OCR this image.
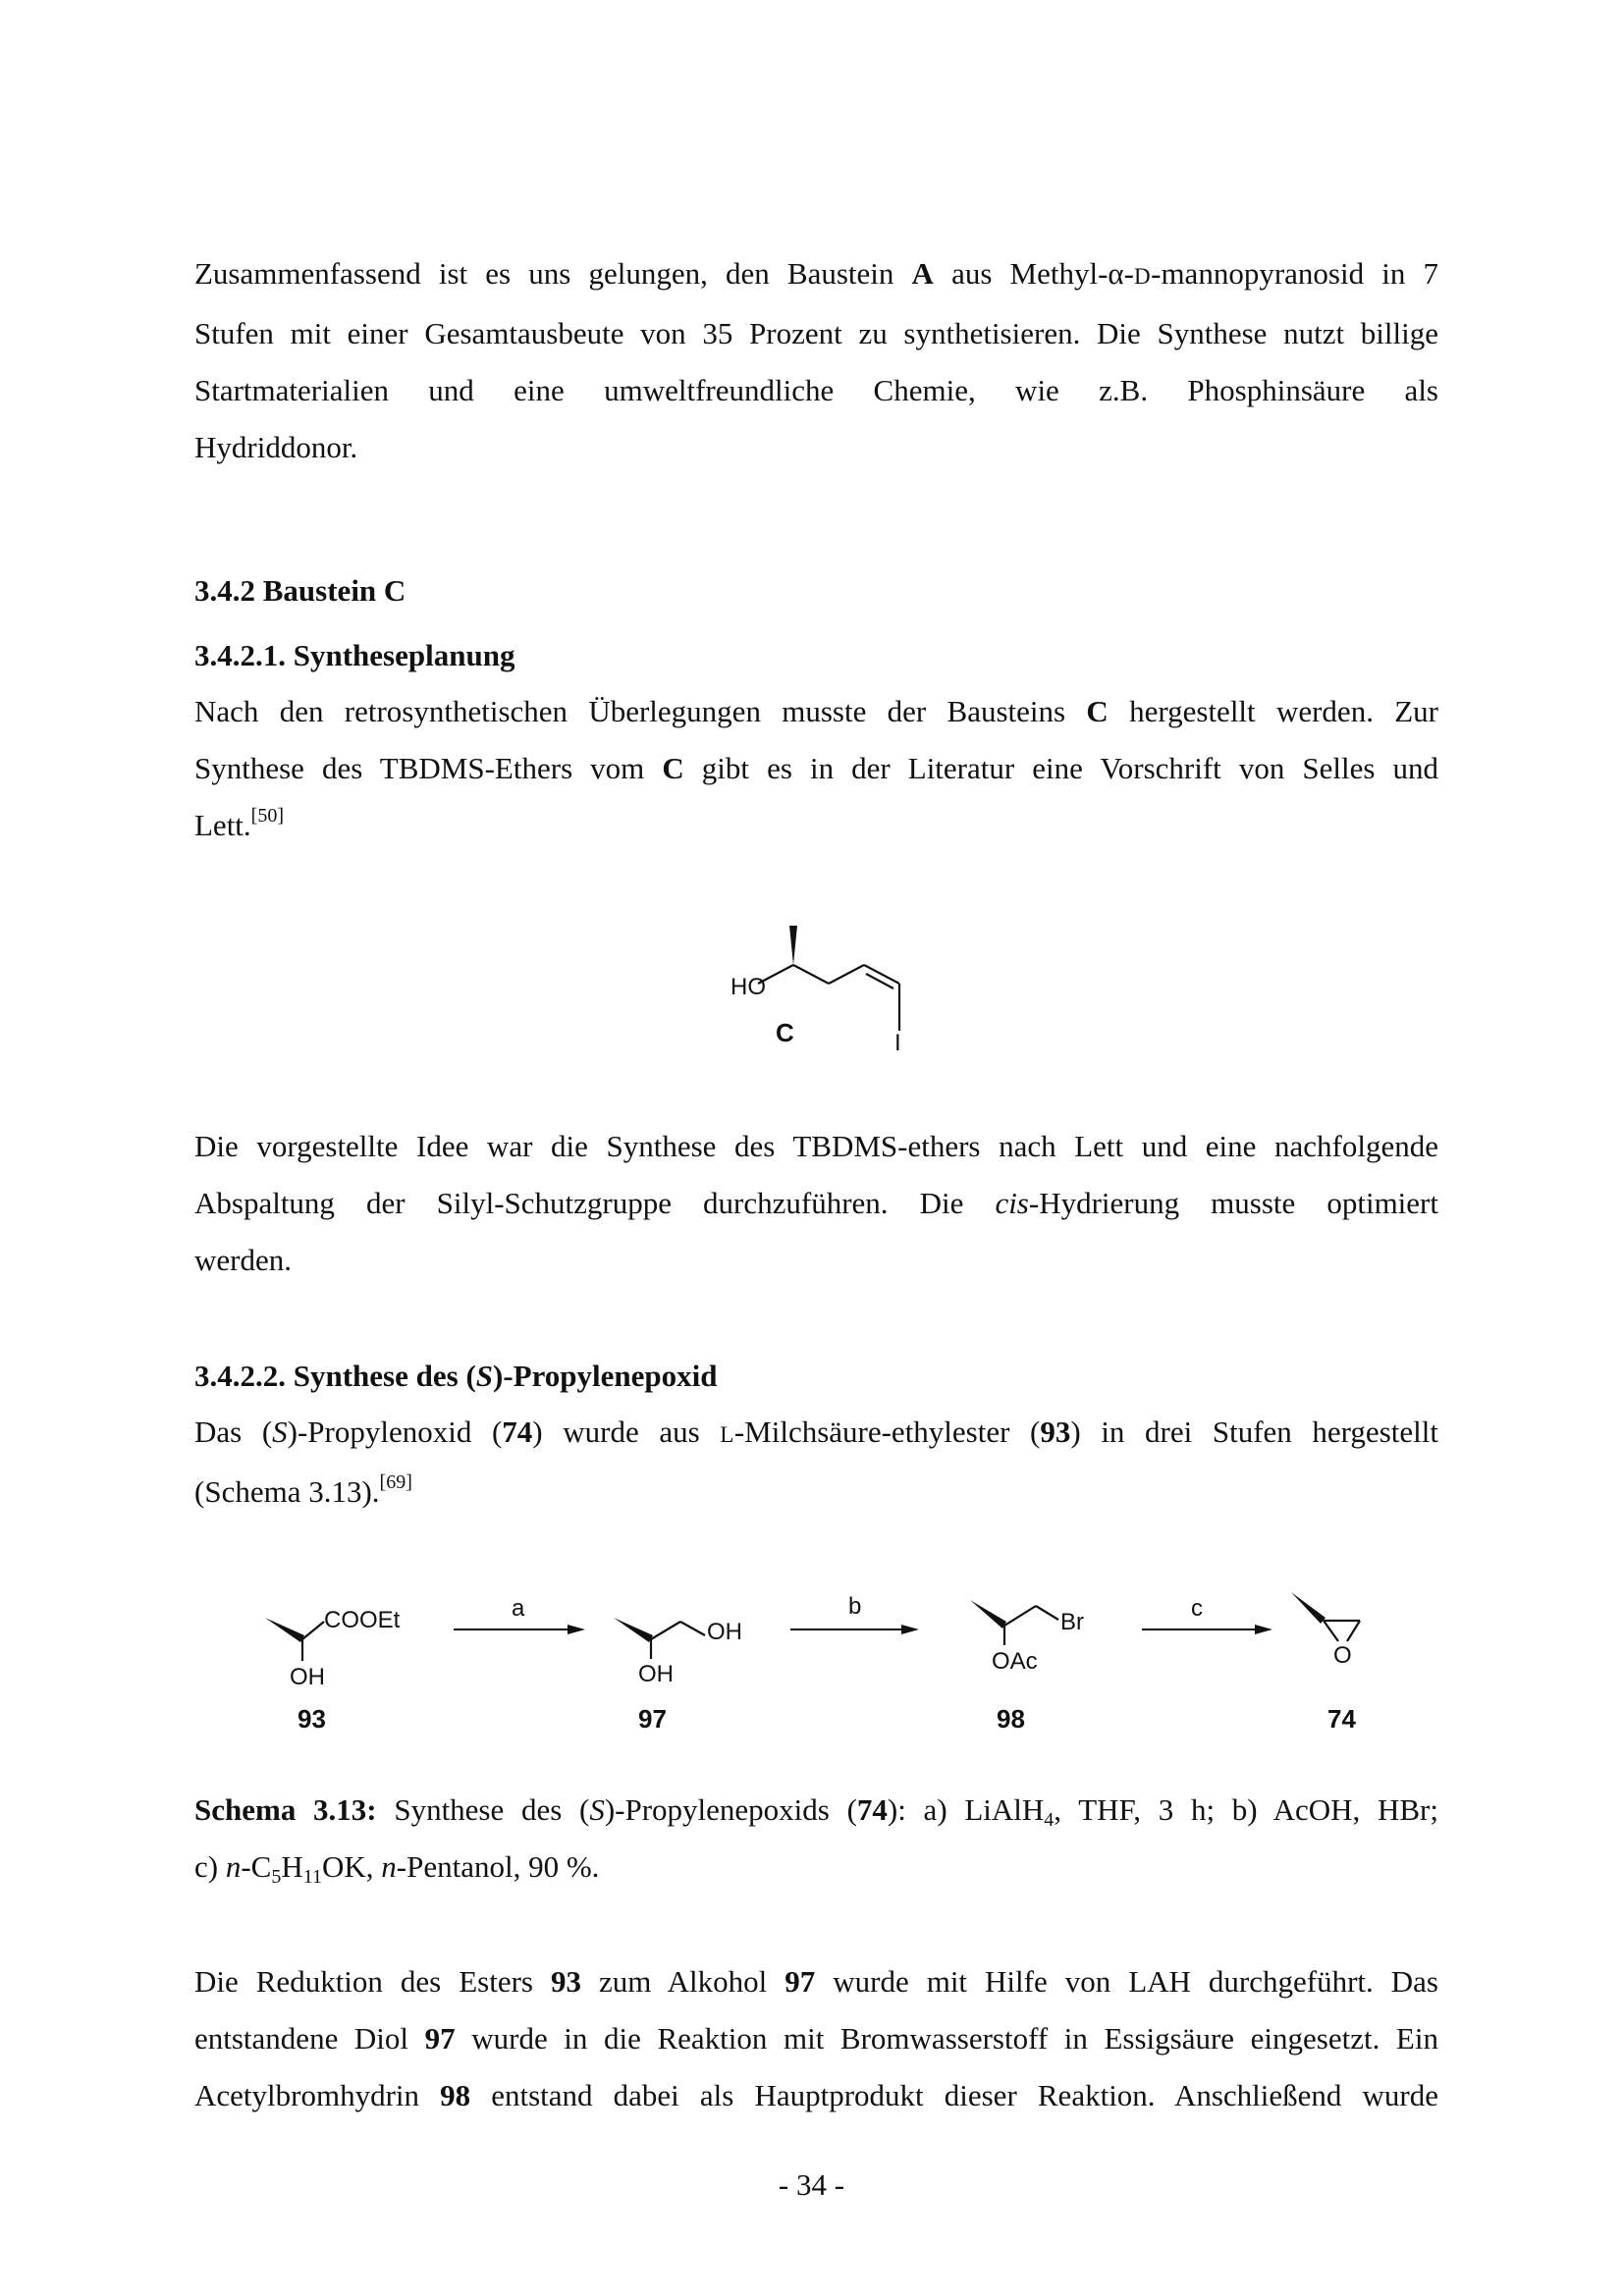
Zusammenfassend ist es uns gelungen, den Baustein A aus Methyl-α-D-mannopyranosid in 7
Stufen mit einer Gesamtausbeute von 35 Prozent zu synthetisieren. Die Synthese nutzt billige
Startmaterialien und eine umweltfreundliche Chemie, wie z.B. Phosphinsäure als
Hydriddonor.
3.4.2 Baustein C
3.4.2.1. Syntheseplanung
Nach den retrosynthetischen Überlegungen musste der Bausteins C hergestellt werden. Zur
Synthese des TBDMS-Ethers vom C gibt es in der Literatur eine Vorschrift von Selles und
Lett.[50]
HO
I
C
Die vorgestellte Idee war die Synthese des TBDMS-ethers nach Lett und eine nachfolgende
Abspaltung der Silyl-Schutzgruppe durchzuführen. Die cis-Hydrierung musste optimiert
werden.
3.4.2.2. Synthese des (S)-Propylenepoxid
Das (S)-Propylenoxid (74) wurde aus L-Milchsäure-ethylester (93) in drei Stufen hergestellt
(Schema 3.13).[69]
COOEt
OH
93
a
OH
OH
97
b
Br
OAc
98
c
O
74
Schema 3.13: Synthese des (S)-Propylenepoxids (74): a) LiAlH$_4$, THF, 3 h; b) AcOH, HBr;
c) $n-C_5H_{11}OK$, n-Pentanol, 90 %.
Die Reduktion des Esters 93 zum Alkohol 97 wurde mit Hilfe von LAH durchgeführt. Das
entstandene Diol 97 wurde in die Reaktion mit Bromwasserstoff in Essigsäure eingesetzt. Ein
Acetylbromhydrin 98 entstand dabei als Hauptprodukt dieser Reaktion. Anschließend wurde
- 34 -
